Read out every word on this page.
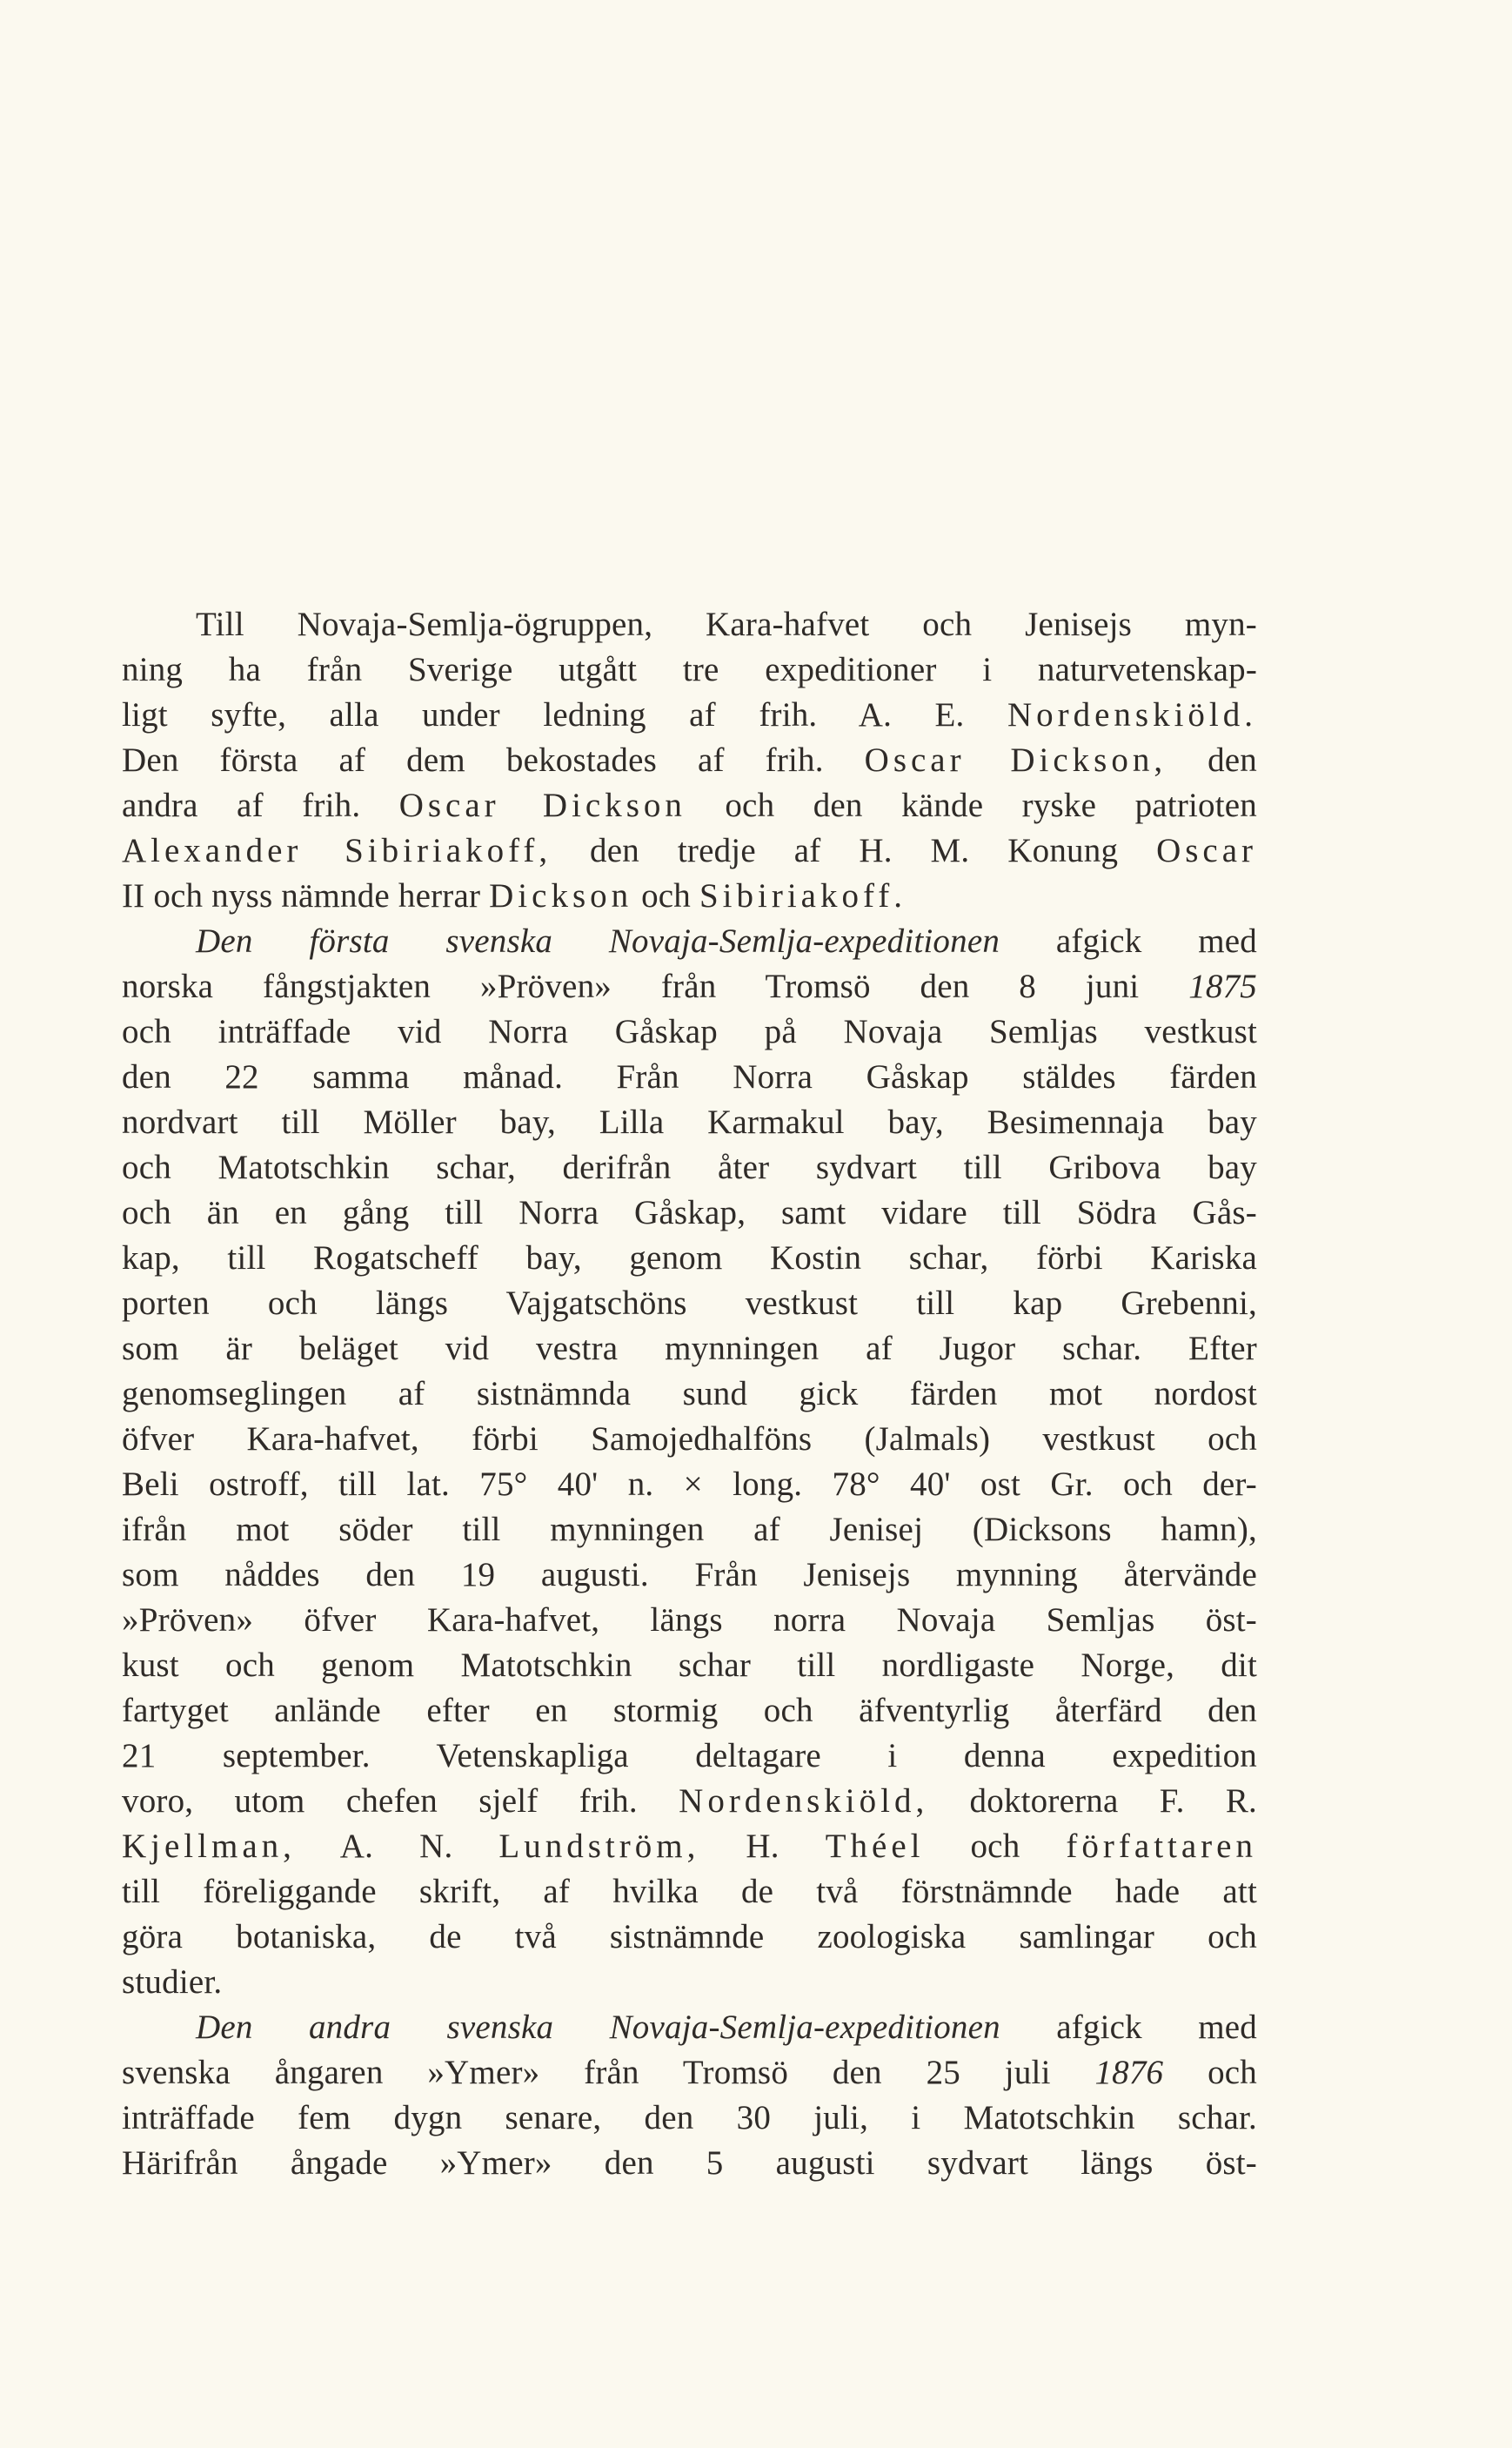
Till Novaja-Semlja-ögruppen, Kara-hafvet och Jenisejs myn-
ning ha från Sverige utgått tre expeditioner i naturvetenskap-
ligt syfte, alla under ledning af frih. A. E. Nordenskiöld.
Den första af dem bekostades af frih. Oscar Dickson, den
andra af frih. Oscar Dickson och den kände ryske patrioten
Alexander Sibiriakoff, den tredje af H. M. Konung Oscar
II och nyss nämnde herrar Dickson och Sibiriakoff.
Den första svenska Novaja-Semlja-expeditionen afgick med
norska fångstjakten »Pröven» från Tromsö den 8 juni 1875
och inträffade vid Norra Gåskap på Novaja Semljas vestkust
den 22 samma månad. Från Norra Gåskap stäldes färden
nordvart till Möller bay, Lilla Karmakul bay, Besimennaja bay
och Matotschkin schar, derifrån åter sydvart till Gribova bay
och än en gång till Norra Gåskap, samt vidare till Södra Gås-
kap, till Rogatscheff bay, genom Kostin schar, förbi Kariska
porten och längs Vajgatschöns vestkust till kap Grebenni,
som är beläget vid vestra mynningen af Jugor schar. Efter
genomseglingen af sistnämnda sund gick färden mot nordost
öfver Kara-hafvet, förbi Samojedhalföns (Jalmals) vestkust och
Beli ostroff, till lat. 75° 40' n. × long. 78° 40' ost Gr. och der-
ifrån mot söder till mynningen af Jenisej (Dicksons hamn),
som nåddes den 19 augusti. Från Jenisejs mynning återvände
»Pröven» öfver Kara-hafvet, längs norra Novaja Semljas öst-
kust och genom Matotschkin schar till nordligaste Norge, dit
fartyget anlände efter en stormig och äfventyrlig återfärd den
21 september. Vetenskapliga deltagare i denna expedition
voro, utom chefen sjelf frih. Nordenskiöld, doktorerna F. R.
Kjellman, A. N. Lundström, H. Théel och författaren
till föreliggande skrift, af hvilka de två förstnämnde hade att
göra botaniska, de två sistnämnde zoologiska samlingar och
studier.
Den andra svenska Novaja-Semlja-expeditionen afgick med
svenska ångaren »Ymer» från Tromsö den 25 juli 1876 och
inträffade fem dygn senare, den 30 juli, i Matotschkin schar.
Härifrån ångade »Ymer» den 5 augusti sydvart längs öst-
